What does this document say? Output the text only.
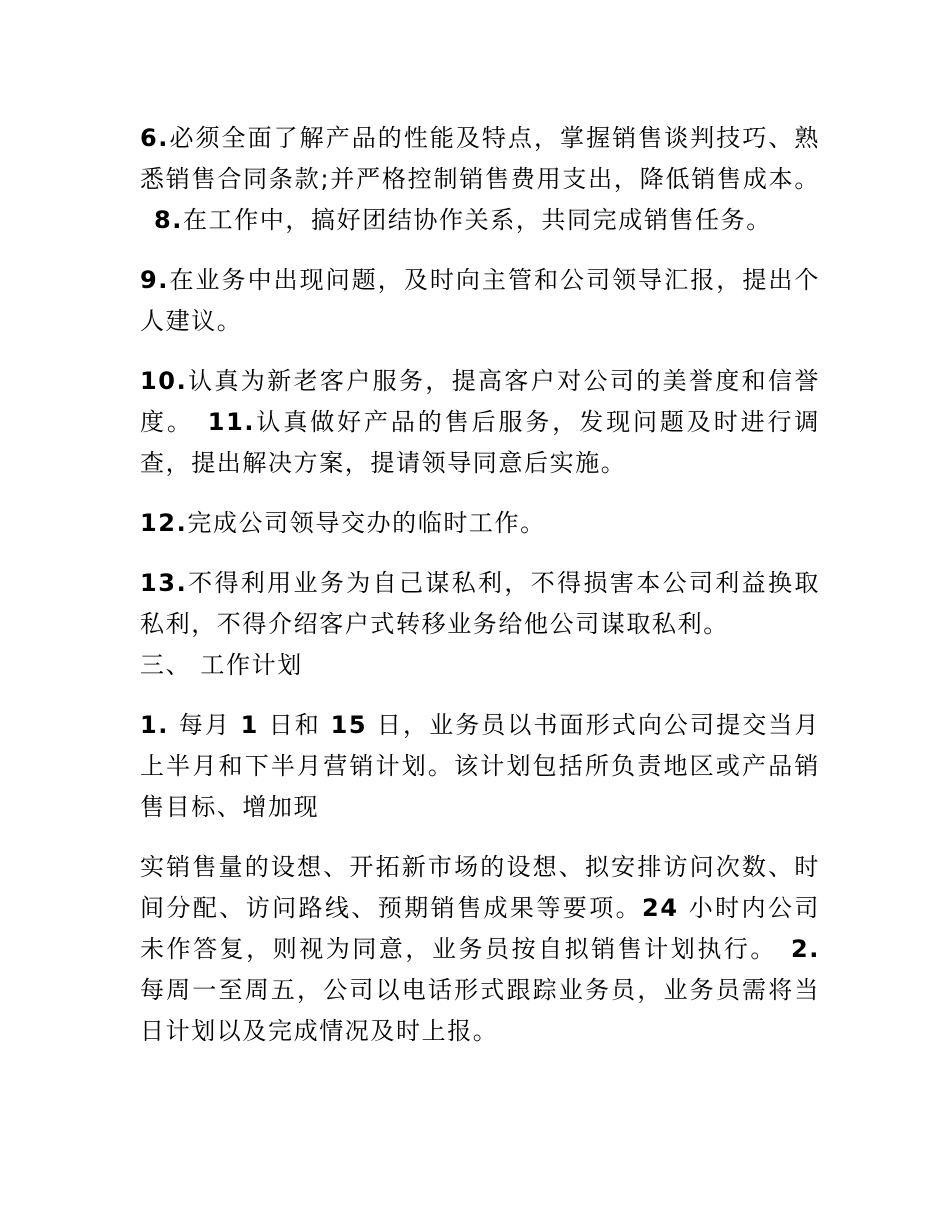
6.必须全面了解产品的性能及特点，掌握销售谈判技巧、熟悉销售合同条款;并严格控制销售费用支出，降低销售成本。8.在工作中，搞好团结协作关系，共同完成销售任务。

9.在业务中出现问题，及时向主管和公司领导汇报，提出个人建议。

10.认真为新老客户服务，提高客户对公司的美誉度和信誉度。 11.认真做好产品的售后服务，发现问题及时进行调查，提出解决方案，提请领导同意后实施。

12.完成公司领导交办的临时工作。

13.不得利用业务为自己谋私利，不得损害本公司利益换取私利，不得介绍客户式转移业务给他公司谋取私利。

三、 工作计划

1. 每月 1 日和 15 日，业务员以书面形式向公司提交当月上半月和下半月营销计划。该计划包括所负责地区或产品销售目标、增加现

实销售量的设想、开拓新市场的设想、拟安排访问次数、时间分配、访问路线、预期销售成果等要项。24 小时内公司未作答复，则视为同意，业务员按自拟销售计划执行。 2.每周一至周五，公司以电话形式跟踪业务员，业务员需将当日计划以及完成情况及时上报。
